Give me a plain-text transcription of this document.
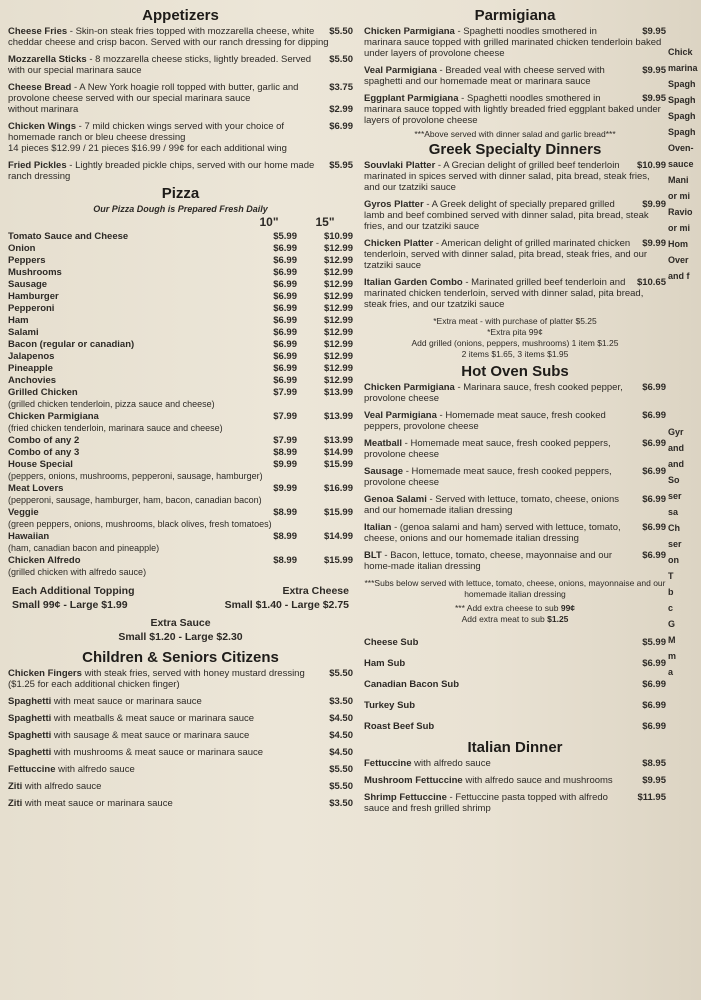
Appetizers
$5.50
Cheese Fries - Skin-on steak fries topped with mozzarella cheese, white cheddar cheese and crisp bacon. Served with our ranch dressing for dipping
$5.50
Mozzarella Sticks - 8 mozzarella cheese sticks, lightly breaded. Served with our special marinara sauce
$3.75
Cheese Bread - A New York hoagie roll topped with butter, garlic and provolone cheese served with our special marinara sauce
$2.99
without marinara
$6.99
Chicken Wings - 7 mild chicken wings served with your choice of homemade ranch or bleu cheese dressing
14 pieces $12.99 / 21 pieces $16.99 / 99¢ for each additional wing
$5.95
Fried Pickles - Lightly breaded pickle chips, served with our home made ranch dressing
Pizza
Our Pizza Dough is Prepared Fresh Daily
10"	15"
Tomato Sauce and Cheese	$5.99	$10.99
Onion	$6.99	$12.99
Peppers	$6.99	$12.99
Mushrooms	$6.99	$12.99
Sausage	$6.99	$12.99
Hamburger	$6.99	$12.99
Pepperoni	$6.99	$12.99
Ham	$6.99	$12.99
Salami	$6.99	$12.99
Bacon (regular or canadian)	$6.99	$12.99
Jalapenos	$6.99	$12.99
Pineapple	$6.99	$12.99
Anchovies	$6.99	$12.99
Grilled Chicken	$7.99	$13.99
(grilled chicken tenderloin, pizza sauce and cheese)
Chicken Parmigiana	$7.99	$13.99
(fried chicken tenderloin, marinara sauce and cheese)
Combo of any 2	$7.99	$13.99
Combo of any 3	$8.99	$14.99
House Special	$9.99	$15.99
(peppers, onions, mushrooms, pepperoni, sausage, hamburger)
Meat Lovers	$9.99	$16.99
(pepperoni, sausage, hamburger, ham, bacon, canadian bacon)
Veggie	$8.99	$15.99
(green peppers, onions, mushrooms, black olives, fresh tomatoes)
Hawaiian	$8.99	$14.99
(ham, canadian bacon and pineapple)
Chicken Alfredo	$8.99	$15.99
(grilled chicken with alfredo sauce)
Each Additional Topping	Extra Cheese
Small 99¢ - Large $1.99	Small $1.40 - Large $2.75
Extra Sauce
Small $1.20 - Large $2.30
Children & Seniors Citizens
$5.50
Chicken Fingers with steak fries, served with honey mustard dressing
($1.25 for each additional chicken finger)
$3.50
Spaghetti with meat sauce or marinara sauce
$4.50
Spaghetti with meatballs & meat sauce or marinara sauce
$4.50
Spaghetti with sausage & meat sauce or marinara sauce
$4.50
Spaghetti with mushrooms & meat sauce or marinara sauce
$5.50
Fettuccine with alfredo sauce
$5.50
Ziti with alfredo sauce
$3.50
Ziti with meat sauce or marinara sauce
Parmigiana
$9.95
Chicken Parmigiana - Spaghetti noodles smothered in marinara sauce topped with grilled marinated chicken tenderloin baked under layers of provolone cheese
$9.95
Veal Parmigiana - Breaded veal with cheese served with spaghetti and our homemade meat or marinara sauce
$9.95
Eggplant Parmigiana - Spaghetti noodles smothered in marinara sauce topped with lightly breaded fried eggplant baked under layers of provolone cheese
***Above served with dinner salad and garlic bread***
Greek Specialty Dinners
$10.99
Souvlaki Platter - A Grecian delight of grilled beef tenderloin marinated in spices served with dinner salad, pita bread, steak fries, and our tzatziki sauce
$9.99
Gyros Platter - A Greek delight of specially prepared grilled lamb and beef combined served with dinner salad, pita bread, steak fries, and our tzatziki sauce
$9.99
Chicken Platter - American delight of grilled marinated chicken tenderloin, served with dinner salad, pita bread, steak fries, and our tzatziki sauce
$10.65
Italian Garden Combo - Marinated grilled beef tenderloin and marinated chicken tenderloin, served with dinner salad, pita bread, steak fries, and our tzatziki sauce
*Extra meat - with purchase of platter $5.25
*Extra pita 99¢
Add grilled (onions, peppers, mushrooms) 1 item $1.25
2 items $1.65, 3 items $1.95
Hot Oven Subs
$6.99
Chicken Parmigiana - Marinara sauce, fresh cooked pepper, provolone cheese
$6.99
Veal Parmigiana - Homemade meat sauce, fresh cooked peppers, provolone cheese
$6.99
Meatball - Homemade meat sauce, fresh cooked peppers, provolone cheese
$6.99
Sausage - Homemade meat sauce, fresh cooked peppers, provolone cheese
$6.99
Genoa Salami - Served with lettuce, tomato, cheese, onions and our homemade italian dressing
$6.99
Italian - (genoa salami and ham) served with lettuce, tomato, cheese, onions and our homemade italian dressing
$6.99
BLT - Bacon, lettuce, tomato, cheese, mayonnaise and our home-made italian dressing
***Subs below served with lettuce, tomato, cheese, onions, mayonnaise and our homemade italian dressing
*** Add extra cheese to sub 99¢
Add extra meat to sub $1.25
Cheese Sub	$5.99
Ham Sub	$6.99
Canadian Bacon Sub	$6.99
Turkey Sub	$6.99
Roast Beef Sub	$6.99
Italian Dinner
$8.95
Fettuccine with alfredo sauce
$9.95
Mushroom Fettuccine with alfredo sauce and mushrooms
$11.95
Shrimp Fettuccine - Fettuccine pasta topped with alfredo sauce and fresh grilled shrimp
Chick
marina
Spagh
Spagh
Spagh
Spagh
Oven-
sauce
Mani
or mi
Ravio
or mi
Hom
Over
and f
Gyr
and
and
So
ser
sa
Ch
ser
on
T
b
c
G
M
m
a
